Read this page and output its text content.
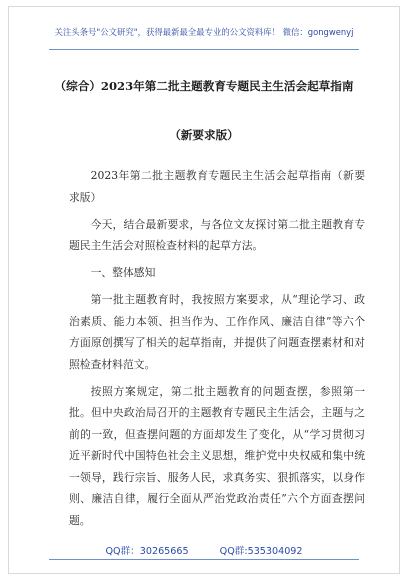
关注头条号"公文研究"，获得最新最全最专业的公文资料库！ 微信：gongwenyj
（综合）2023年第二批主题教育专题民主生活会起草指南
（新要求版）

2023年第二批主题教育专题民主生活会起草指南（新要求版）

今天，结合最新要求，与各位文友探讨第二批主题教育专题民主生活会对照检查材料的起草方法。

一、整体感知

第一批主题教育时，我按照方案要求，从“理论学习、政治素质、能力本领、担当作为、工作作风、廉洁自律”等六个方面原创撰写了相关的起草指南，并提供了问题查摆素材和对照检查材料范文。

按照方案规定，第二批主题教育的问题查摆，参照第一批。但中央政治局召开的主题教育专题民主生活会，主题与之前的一致，但查摆问题的方面却发生了变化，从“学习贯彻习近平新时代中国特色社会主义思想，维护党中央权威和集中统一领导，践行宗旨、服务人民，求真务实、狠抓落实，以身作则、廉洁自律，履行全面从严治党政治责任”六个方面查摆问题。

QQ群：30265665	QQ群:535304092
